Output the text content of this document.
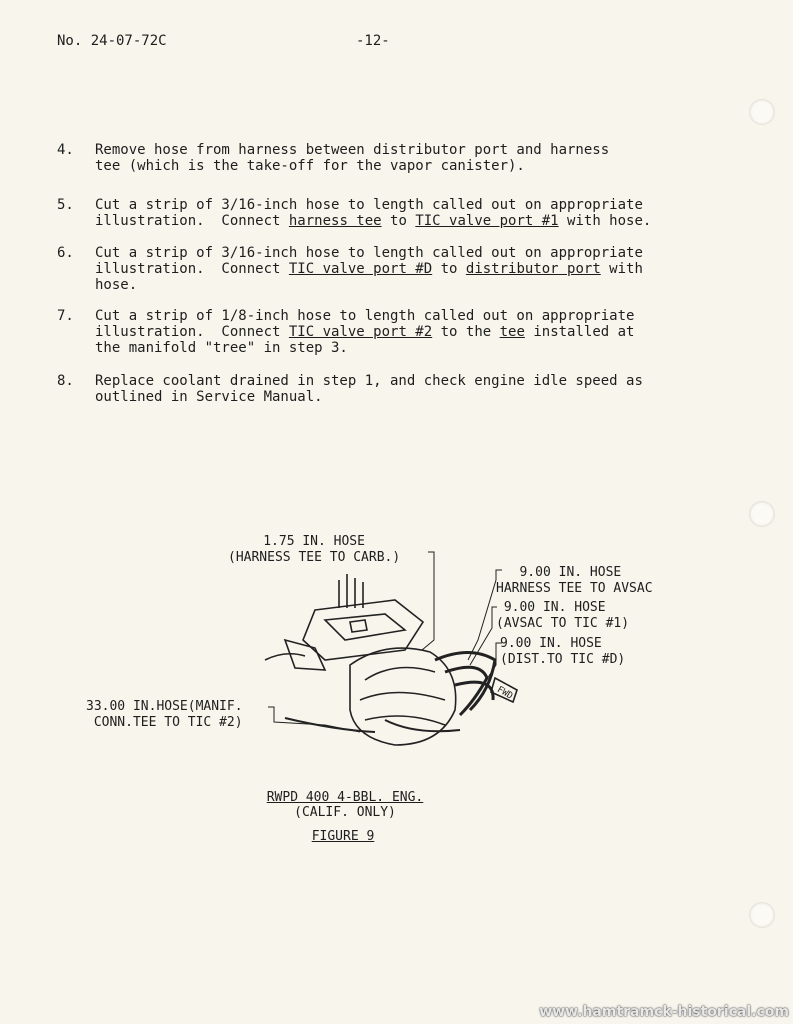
No. 24-07-72C	-12-
4. Remove hose from harness between distributor port and harness
tee (which is the take-off for the vapor canister).
5. Cut a strip of 3/16-inch hose to length called out on appropriate
illustration.  Connect harness tee to TIC valve port #1 with hose.
6. Cut a strip of 3/16-inch hose to length called out on appropriate
illustration.  Connect TIC valve port #D to distributor port with
hose.
7. Cut a strip of 1/8-inch hose to length called out on appropriate
illustration.  Connect TIC valve port #2 to the tee installed at
the manifold "tree" in step 3.
8. Replace coolant drained in step 1, and check engine idle speed as
outlined in Service Manual.
1.75 IN. HOSE
(HARNESS TEE TO CARB.)
9.00 IN. HOSE
HARNESS TEE TO AVSAC
9.00 IN. HOSE
(AVSAC TO TIC #1)
9.00 IN. HOSE
(DIST.TO TIC #D)
33.00 IN.HOSE(MANIF.
CONN.TEE TO TIC #2)
FWD
RWPD 400 4-BBL. ENG.
(CALIF. ONLY)
FIGURE 9
www.hamtramck-historical.com
